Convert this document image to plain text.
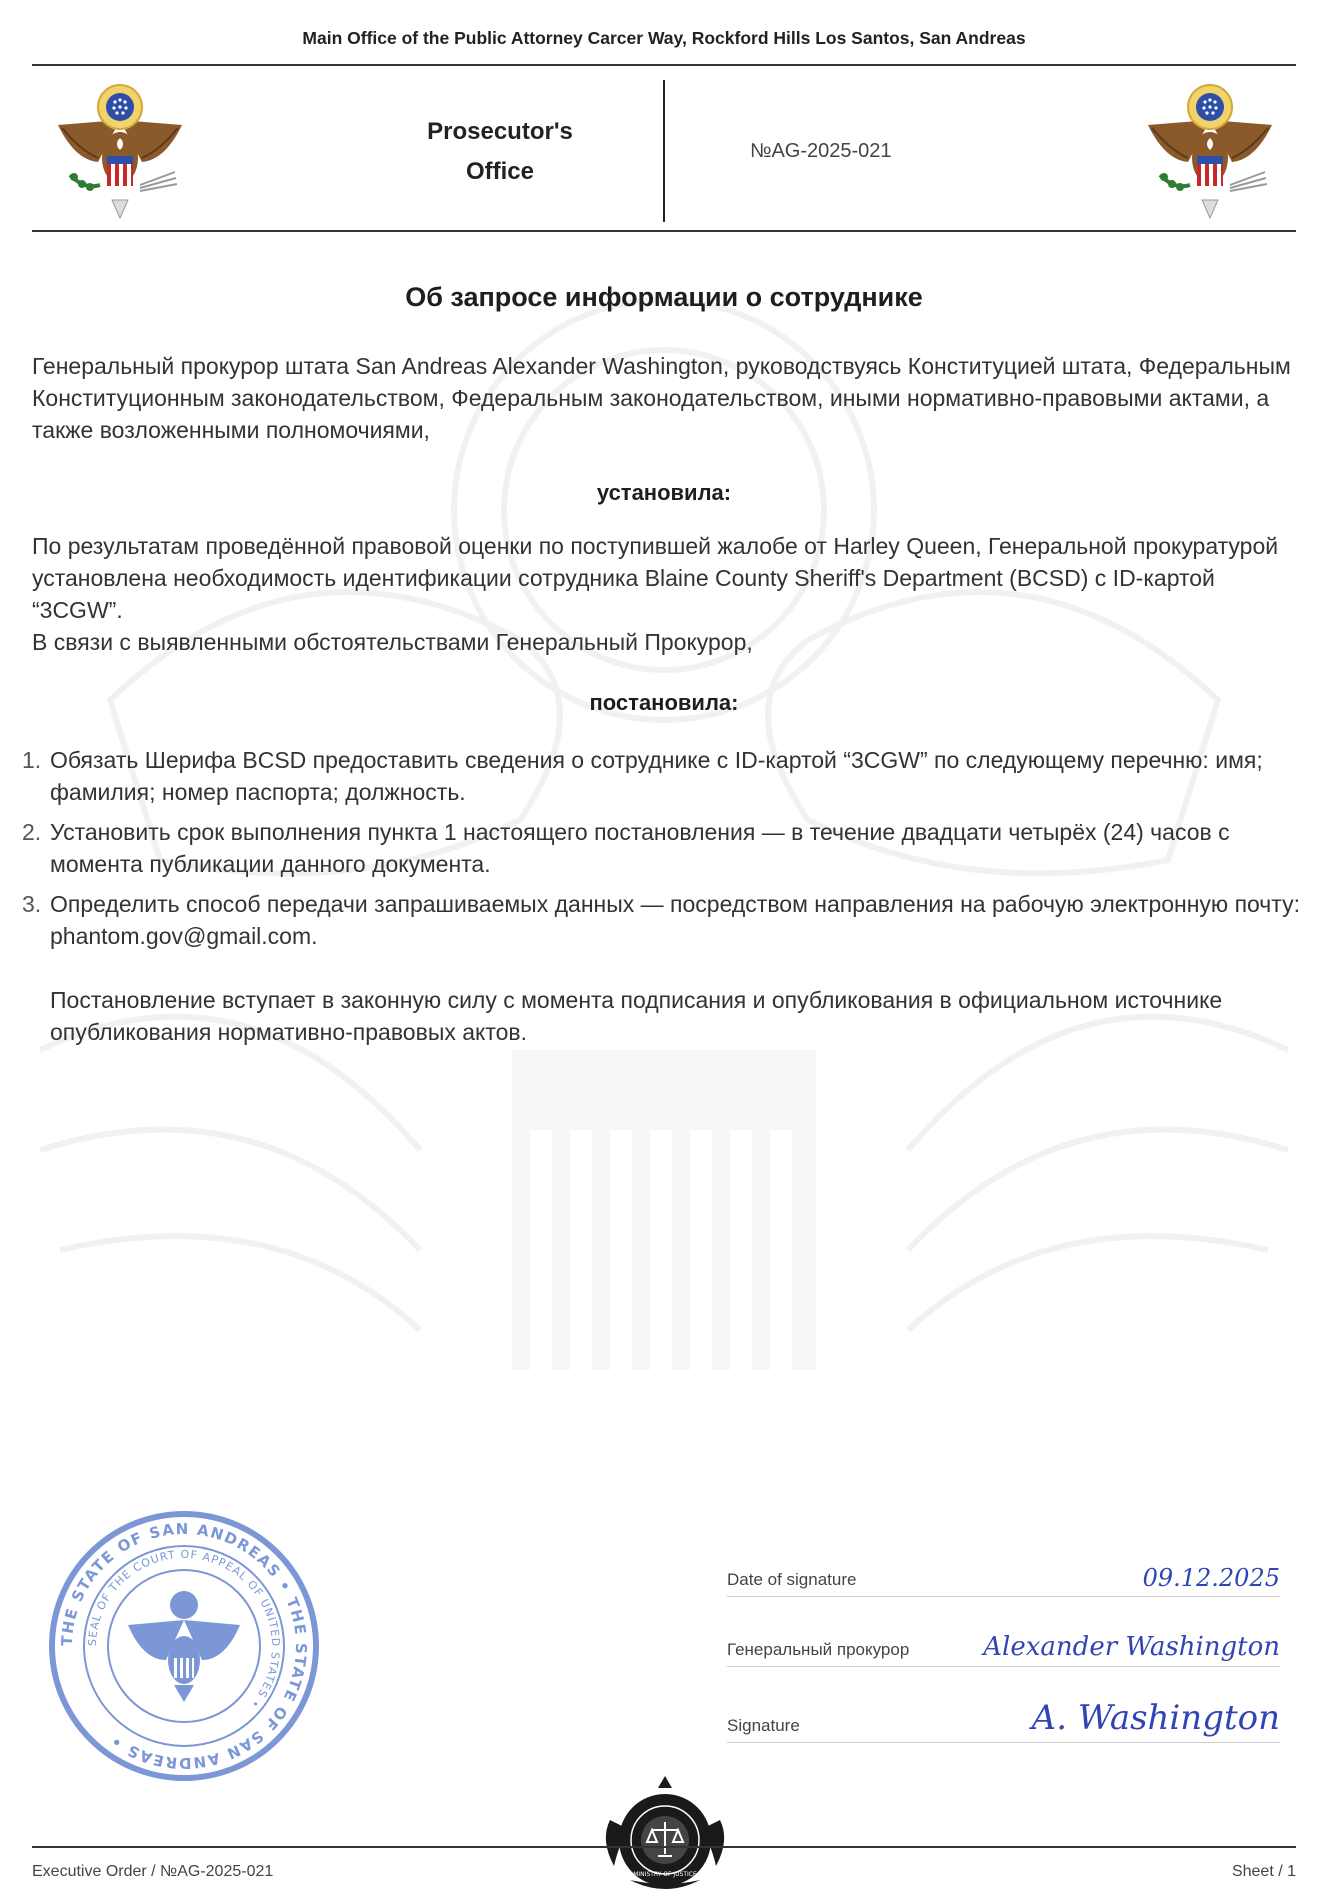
Main Office of the Public Attorney Carcer Way, Rockford Hills Los Santos, San Andreas
Prosecutor's
Office
№AG-2025-021
Об запросе информации о сотруднике
Генеральный прокурор штата San Andreas Alexander Washington, руководствуясь Конституцией штата, Федеральным Конституционным законодательством, Федеральным законодательством, иными нормативно-правовыми актами, а также возложенными полномочиями,
установила:
По результатам проведённой правовой оценки по поступившей жалобе от Harley Queen, Генеральной прокуратурой установлена необходимость идентификации сотрудника Blaine County Sheriff's Department (BCSD) с ID-картой “3CGW”.
В связи с выявленными обстоятельствами Генеральный Прокурор,
постановила:
1. Обязать Шерифа BCSD предоставить сведения о сотруднике с ID-картой “3CGW” по следующему перечню: имя; фамилия; номер паспорта; должность.
2. Установить срок выполнения пункта 1 настоящего постановления — в течение двадцати четырёх (24) часов с момента публикации данного документа.
3. Определить способ передачи запрашиваемых данных — посредством направления на рабочую электронную почту: phantom.gov@gmail.com.
Постановление вступает в законную силу с момента подписания и опубликования в официальном источнике опубликования нормативно-правовых актов.
THE STATE OF SAN ANDREAS • THE STATE OF SAN ANDREAS •
SEAL OF THE COURT OF APPEAL OF UNITED STATES •
Date of signature	09.12.2025
Генеральный прокурор	Alexander Washington
Signature	A. Washington
MINISTRY OF JUSTICE
Executive Order / №AG-2025-021	Sheet / 1
